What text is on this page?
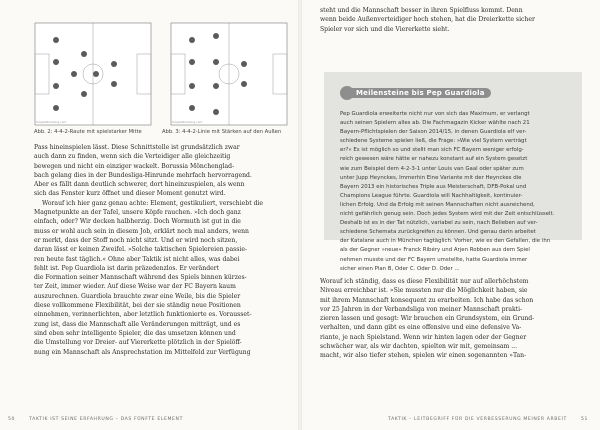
fussballtraining.com	fussballtraining.com
Abb. 2: 4-4-2-Raute mit spielstarker Mitte	Abb. 3: 4-4-2-Linie mit Stärken auf den Außen
Pass hineinspielen lässt. Diese Schnittstelle ist grundsätzlich zwar
auch dann zu finden, wenn sich die Verteidiger alle gleichzeitig
bewegen und nicht ein einziger wackelt. Borussia Mönchenglad-
bach gelang dies in der Bundesliga-Hinrunde mehrfach hervorragend.
Aber es fällt dann deutlich schwerer, dort hineinzuspielen, als wenn
sich das Fenster kurz öffnet und dieser Moment genutzt wird.
Worauf ich hier ganz genau achte: Element, gestikuliert, verschiebt die
Magnetpunkte an der Tafel, unsere Köpfe rauchen. »Ich doch ganz
einfach, oder? Wir decken halbherzig. Doch Wormuth ist gut in die
muss er wohl auch sein in diesem Job, erklärt noch mal anders, wenn
er merkt, dass der Stoff noch nicht sitzt. Und er wird noch sitzen,
daran lässt er keinen Zweifel. »Solche taktischen Spielereien passie-
ren heute fast täglich.« Ohne aber Taktik ist nicht alles, was dabei
fehlt ist. Pep Guardiola ist darin präzedenzlos. Er verändert
die Formation seiner Mannschaft während des Spiels binnen kürzes-
ter Zeit, immer wieder. Auf diese Weise war der FC Bayern kaum
auszurechnen. Guardiola brauchte zwar eine Weile, bis die Spieler
diese vollkommene Flexibilität, bei der sie ständig neue Positionen
einnehmen, verinnerlichten, aber letztlich funktionierte es. Vorausset-
zung ist, dass die Mannschaft alle Veränderungen mitträgt, und es
sind eben sehr intelligente Spieler, die das umsetzen können und
die Umstellung vor Dreier- auf Viererkette plötzlich in der Spielöff-
nung ein Mannschaft als Ansprechstation im Mittelfeld zur Verfügung
50	TAKTIK IST SEINE ERFAHRUNG – DAS FÜNFTE ELEMENT
steht und die Mannschaft besser in ihren Spielfluss kommt. Denn
wenn beide Außenverteidiger hoch stehen, hat die Dreierkette sicher
Spieler vor sich und die Viererkette sieht.
Meilensteine bis Pep Guardiola
Pep Guardiola erweiterte nicht nur von sich das Maximum, er verlangt
auch seinen Spielern alles ab. Die Fachmagazin Kicker wählte nach 21
Bayern-Pflichtspielen der Saison 2014/15, in denen Guardiola elf ver-
schiedene Systeme spielen ließ, die Frage: »Wie viel System verträgt
er?« Es ist möglich so und stellt man sich FC Bayern weniger erfolg-
reich gewesen wäre hätte er nahezu konstant auf ein System gesetzt
wie zum Beispiel dem 4-2-3-1 unter Louis van Gaal oder später zum
unter Jupp Heynckes, Immerhin Eine Variante mit der Heynckes die
Bayern 2013 ein historisches Triple aus Meisterschaft, DFB-Pokal und
Champions League führte. Guardiola will Nachhaltigkeit, kontinuier-
lichen Erfolg. Und da Erfolg mit seinen Mannschaften nicht ausreichend,
nicht gefährlich genug sein. Doch jedes System wird mit der Zeit entschlüsselt.
Deshalb ist es in der Tat nützlich, variabel zu sein, nach Belieben auf ver-
schiedene Schemata zurückgreifen zu können. Und genau darin arbeitet
der Katalane auch in München tagtäglich. Vorher, wie es den Gefallen, die ihn
als der Gegner »neue« Franck Ribéry und Arjen Robben aus dem Spiel
nehmen musste und der FC Bayern umstellte, hatte Guardiola immer
sicher einen Plan B, Oder C. Oder D. Oder ...
Worauf ich ständig, dass es diese Flexibilität nur auf allerhöchstem
Niveau erreichbar ist. »Sie mussten nur die Möglichkeit haben, sie
mit ihrem Mannschaft konsequent zu erarbeiten. Ich habe das schon
vor 25 Jahren in der Verbandsliga von meiner Mannschaft prakti-
zieren lassen und gesagt: Wir brauchen ein Grundsystem, ein Grund-
verhalten, und dann gibt es eine offensive und eine defensive Va-
riante, je nach Spielstand. Wenn wir hinten lagen oder der Gegner
schwächer war, als wir dachten, spielten wir mit, gemeinsam ...
macht, wir also tiefer stehen, spielen wir einen sogenannten »Tan-
TAKTIK – LEITBEGRIFF FÜR DIE VERBESSERUNG MEINER ARBEIT	51
